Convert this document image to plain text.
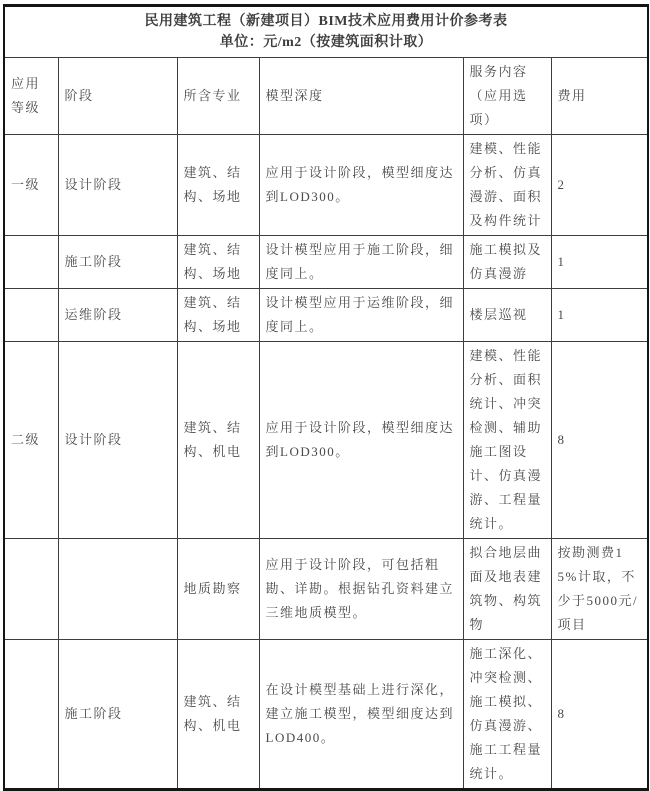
民用建筑工程（新建项目）BIM技术应用费用计价参考表
单位：元/m2（按建筑面积计取）					

应用等级	阶段	所含专业	模型深度	服务内容（应用选项）	费用
一级	设计阶段	建筑、结构、场地	应用于设计阶段，模型细度达到LOD300。	建模、性能分析、仿真漫游、面积及构件统计	2
	施工阶段	建筑、结构、场地	设计模型应用于施工阶段，细度同上。	施工模拟及仿真漫游	1
	运维阶段	建筑、结构、场地	设计模型应用于运维阶段，细度同上。	楼层巡视	1
二级	设计阶段	建筑、结构、机电	应用于设计阶段，模型细度达到LOD300。	建模、性能分析、面积统计、冲突检测、辅助施工图设计、仿真漫游、工程量统计。	8
		地质勘察	应用于设计阶段，可包括粗勘、详勘。根据钻孔资料建立三维地质模型。	拟合地层曲面及地表建筑物、构筑物	按勘测费15%计取，不少于5000元/项目
	施工阶段	建筑、结构、机电	在设计模型基础上进行深化，建立施工模型，模型细度达到LOD400。	施工深化、冲突检测、施工模拟、仿真漫游、施工工程量统计。	8
